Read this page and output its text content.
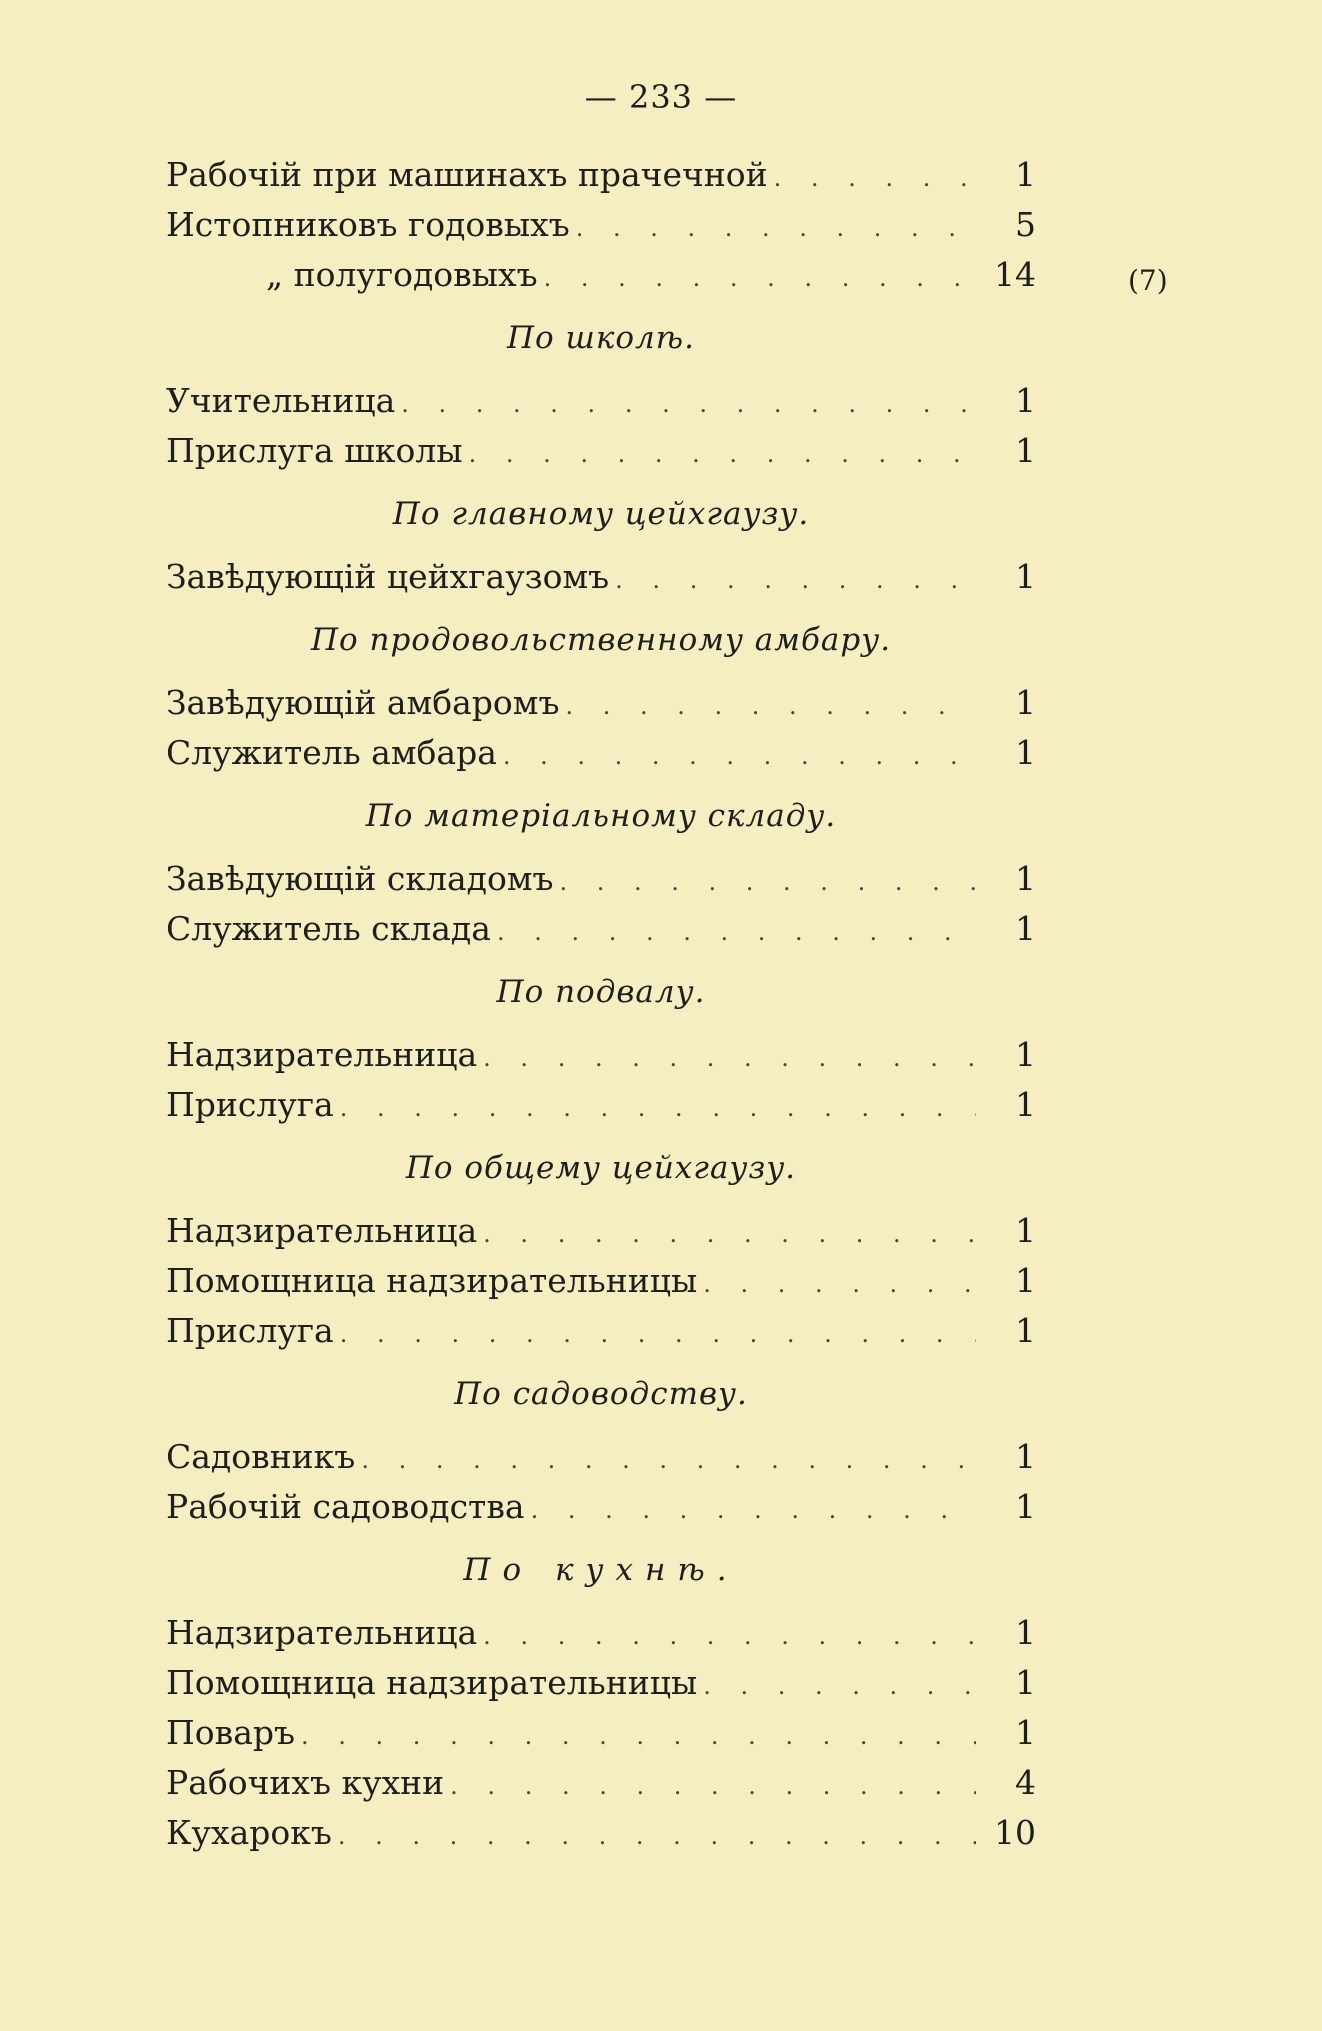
— 233 —
(7)
Рабочій при машинахъ прачечной . . .	1
Истопниковъ годовыхъ . . .	5
„ полугодовыхъ . . .	14
По школѣ.
Учительница . . .	1
Прислуга школы . . .	1
По главному цейхгаузу.
Завѣдующій цейхгаузомъ . . .	1
По продовольственному амбару.
Завѣдующій амбаромъ . . .	1
Служитель амбара . . .	1
По матеріальному складу.
Завѣдующій складомъ . . .	1
Служитель склада . . .	1
По подвалу.
Надзирательница . . .	1
Прислуга . . .	1
По общему цейхгаузу.
Надзирательница . . .	1
Помощница надзирательницы . . .	1
Прислуга . . .	1
По садоводству.
Садовникъ . . .	1
Рабочій садоводства . . .	1
По кухнѣ.
Надзирательница . . .	1
Помощница надзирательницы . . .	1
Поваръ . . .	1
Рабочихъ кухни . . .	4
Кухарокъ . . .	10
